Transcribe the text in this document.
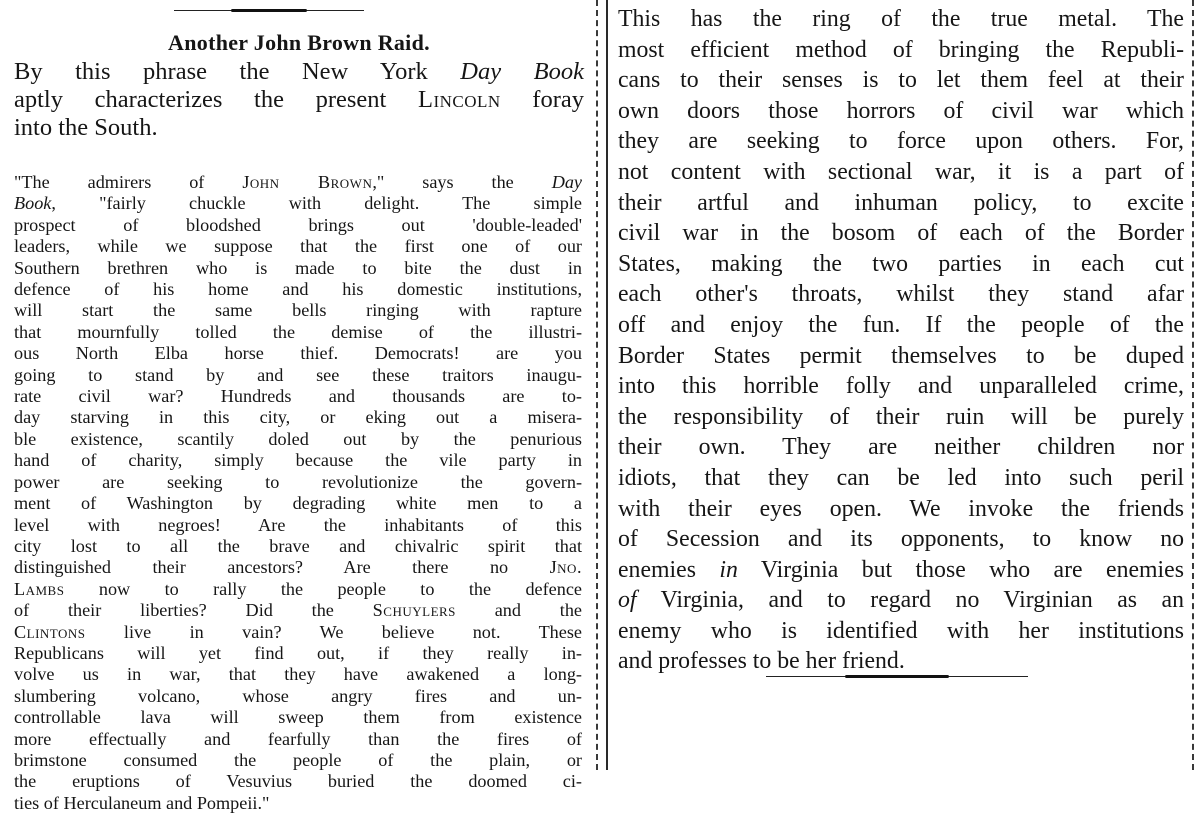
Another John Brown Raid.

By this phrase the New York Day Book
aptly characterizes the present Lincoln foray
into the South.

"The admirers of John Brown," says the Day
Book, "fairly chuckle with delight. The simple
prospect of bloodshed brings out 'double-leaded'
leaders, while we suppose that the first one of our
Southern brethren who is made to bite the dust in
defence of his home and his domestic institutions,
will start the same bells ringing with rapture
that mournfully tolled the demise of the illustri-
ous North Elba horse thief. Democrats! are you
going to stand by and see these traitors inaugu-
rate civil war? Hundreds and thousands are to-
day starving in this city, or eking out a misera-
ble existence, scantily doled out by the penurious
hand of charity, simply because the vile party in
power are seeking to revolutionize the govern-
ment of Washington by degrading white men to a
level with negroes! Are the inhabitants of this
city lost to all the brave and chivalric spirit that
distinguished their ancestors? Are there no Jno.
Lambs now to rally the people to the defence
of their liberties? Did the Schuylers and the
Clintons live in vain? We believe not. These
Republicans will yet find out, if they really in-
volve us in war, that they have awakened a long-
slumbering volcano, whose angry fires and un-
controllable lava will sweep them from existence
more effectually and fearfully than the fires of
brimstone consumed the people of the plain, or
the eruptions of Vesuvius buried the doomed ci-
ties of Herculaneum and Pompeii."

This has the ring of the true metal. The
most efficient method of bringing the Republi-
cans to their senses is to let them feel at their
own doors those horrors of civil war which
they are seeking to force upon others. For,
not content with sectional war, it is a part of
their artful and inhuman policy, to excite
civil war in the bosom of each of the Border
States, making the two parties in each cut
each other's throats, whilst they stand afar
off and enjoy the fun. If the people of the
Border States permit themselves to be duped
into this horrible folly and unparalleled crime,
the responsibility of their ruin will be purely
their own. They are neither children nor
idiots, that they can be led into such peril
with their eyes open. We invoke the friends
of Secession and its opponents, to know no
enemies in Virginia but those who are enemies
of Virginia, and to regard no Virginian as an
enemy who is identified with her institutions
and professes to be her friend.
